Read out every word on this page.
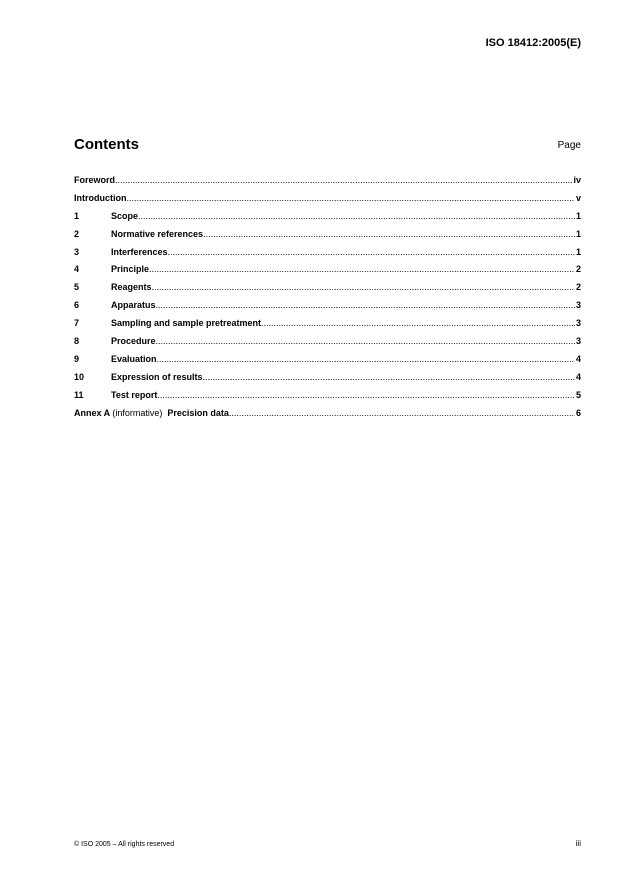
ISO 18412:2005(E)
Contents	Page
Foreword .....	iv
Introduction .....	v
1	Scope .....	1
2	Normative references .....	1
3	Interferences .....	1
4	Principle .....	2
5	Reagents .....	2
6	Apparatus .....	3
7	Sampling and sample pretreatment .....	3
8	Procedure .....	3
9	Evaluation .....	4
10	Expression of results .....	4
11	Test report .....	5
Annex A (informative) Precision data .....	6
© ISO 2005 – All rights reserved	iii
